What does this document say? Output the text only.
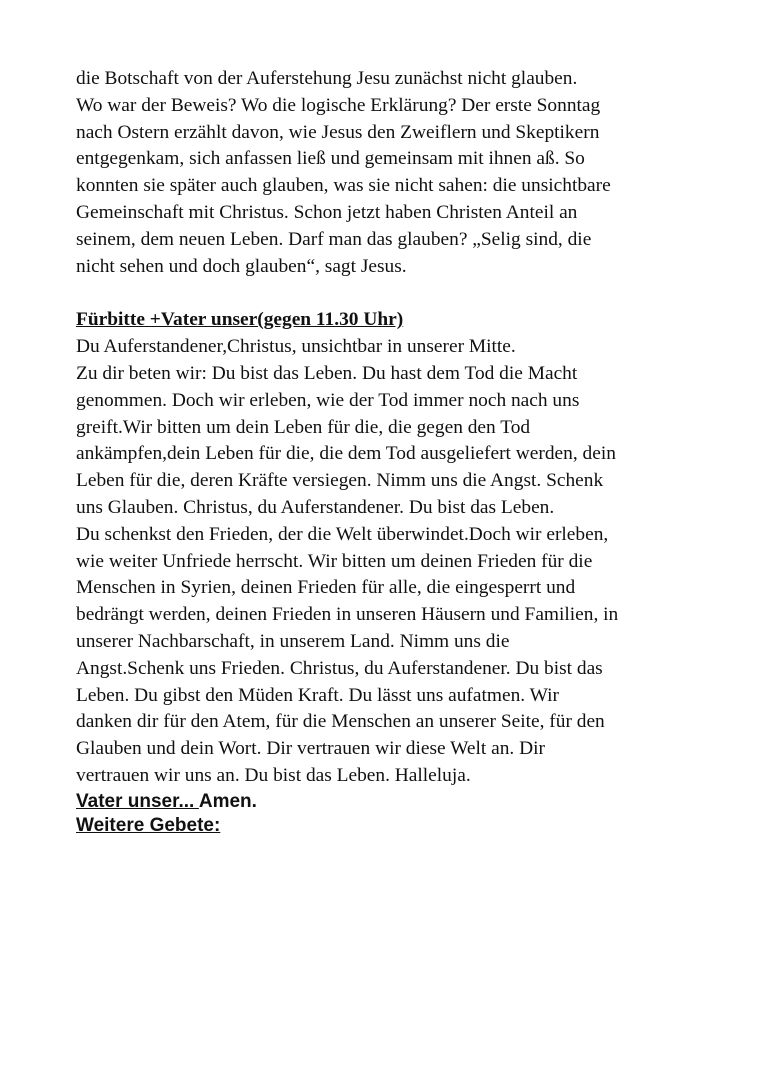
die Botschaft von der Auferstehung Jesu zunächst nicht glauben.
Wo war der Beweis? Wo die logische Erklärung? Der erste Sonntag
nach Ostern erzählt davon, wie Jesus den Zweiflern und Skeptikern
entgegenkam, sich anfassen ließ und gemeinsam mit ihnen aß. So
konnten sie später auch glauben, was sie nicht sahen: die unsichtbare
Gemeinschaft mit Christus. Schon jetzt haben Christen Anteil an
seinem, dem neuen Leben. Darf man das glauben? „Selig sind, die
nicht sehen und doch glauben“, sagt Jesus.
Fürbitte +Vater unser(gegen 11.30 Uhr)
Du Auferstandener,Christus, unsichtbar in unserer Mitte.
Zu dir beten wir: Du bist das Leben. Du hast dem Tod die Macht
genommen. Doch wir erleben, wie der Tod immer noch nach uns
greift.Wir bitten um dein Leben für die, die gegen den Tod
ankämpfen,dein Leben für die, die dem Tod ausgeliefert werden, dein
Leben für die, deren Kräfte versiegen. Nimm uns die Angst. Schenk
uns Glauben. Christus, du Auferstandener. Du bist das Leben.
Du schenkst den Frieden, der die Welt überwindet.Doch wir erleben,
wie weiter Unfriede herrscht. Wir bitten um deinen Frieden für die
Menschen in Syrien, deinen Frieden für alle, die eingesperrt und
bedrängt werden, deinen Frieden in unseren Häusern und Familien, in
unserer Nachbarschaft, in unserem Land. Nimm uns die
Angst.Schenk uns Frieden. Christus, du Auferstandener. Du bist das
Leben. Du gibst den Müden Kraft. Du lässt uns aufatmen. Wir
danken dir für den Atem, für die Menschen an unserer Seite, für den
Glauben und dein Wort. Dir vertrauen wir diese Welt an. Dir
vertrauen wir uns an. Du bist das Leben. Halleluja.
Vater unser... Amen.
Weitere Gebete:
